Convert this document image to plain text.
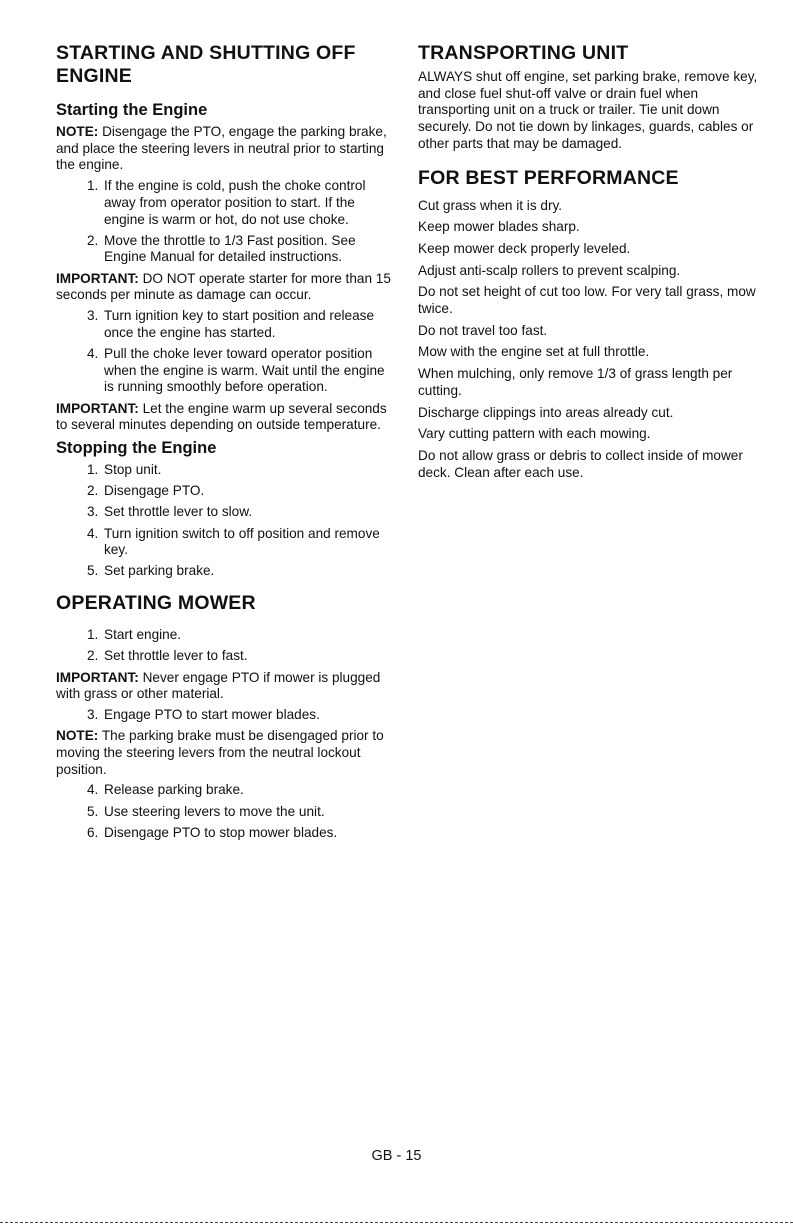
STARTING AND SHUTTING OFF ENGINE
Starting the Engine

NOTE: Disengage the PTO, engage the parking brake, and place the steering levers in neutral prior to starting the engine.

1. If the engine is cold, push the choke control away from operator position to start. If the engine is warm or hot, do not use choke.
2. Move the throttle to 1/3 Fast position. See Engine Manual for detailed instructions.

IMPORTANT: DO NOT operate starter for more than 15 seconds per minute as damage can occur.

3. Turn ignition key to start position and release once the engine has started.
4. Pull the choke lever toward operator position when the engine is warm. Wait until the engine is running smoothly before operation.

IMPORTANT: Let the engine warm up several seconds to several minutes depending on outside temperature.

Stopping the Engine
1. Stop unit.
2. Disengage PTO.
3. Set throttle lever to slow.
4. Turn ignition switch to off position and remove key.
5. Set parking brake.
OPERATING MOWER
1. Start engine.
2. Set throttle lever to fast.

IMPORTANT: Never engage PTO if mower is plugged with grass or other material.

3. Engage PTO to start mower blades.

NOTE: The parking brake must be disengaged prior to moving the steering levers from the neutral lockout position.

4. Release parking brake.
5. Use steering levers to move the unit.
6. Disengage PTO to stop mower blades.
TRANSPORTING UNIT

ALWAYS shut off engine, set parking brake, remove key, and close fuel shut-off valve or drain fuel when transporting unit on a truck or trailer. Tie unit down securely. Do not tie down by linkages, guards, cables or other parts that may be damaged.

FOR BEST PERFORMANCE

Cut grass when it is dry.

Keep mower blades sharp.

Keep mower deck properly leveled.

Adjust anti-scalp rollers to prevent scalping.

Do not set height of cut too low. For very tall grass, mow twice.

Do not travel too fast.

Mow with the engine set at full throttle.

When mulching, only remove 1/3 of grass length per cutting.

Discharge clippings into areas already cut.

Vary cutting pattern with each mowing.

Do not allow grass or debris to collect inside of mower deck. Clean after each use.

GB - 15
